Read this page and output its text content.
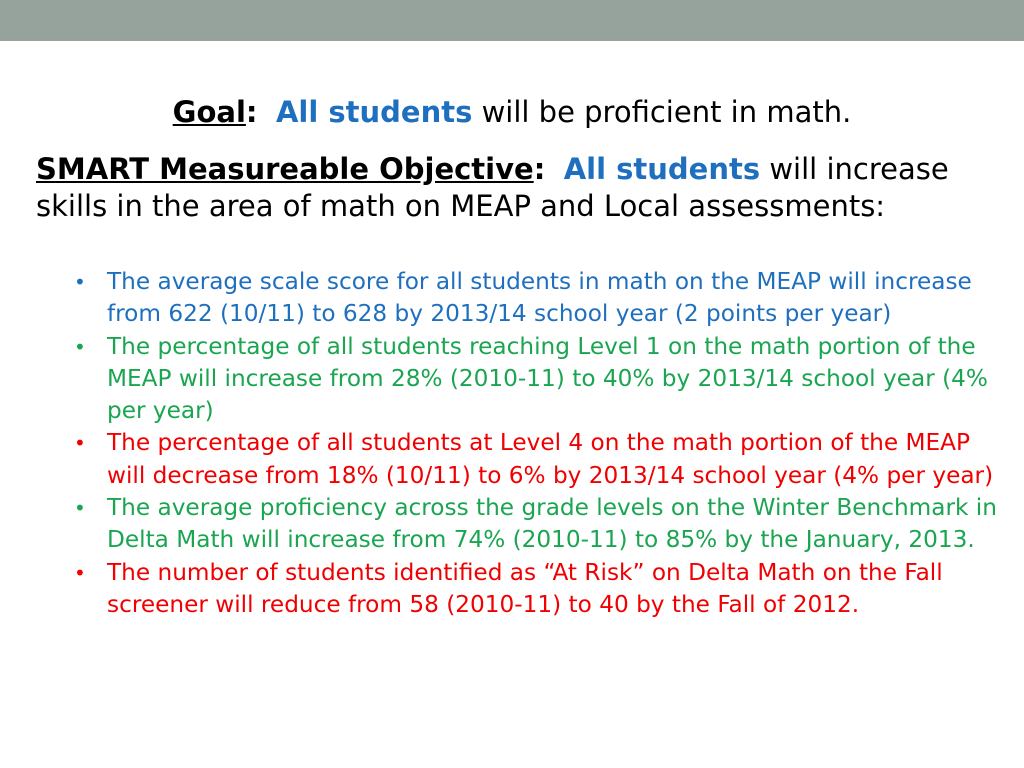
Goal: All students will be proficient in math.
SMART Measureable Objective: All students will increase skills in the area of math on MEAP and Local assessments:
• The average scale score for all students in math on the MEAP will increase from 622 (10/11) to 628 by 2013/14 school year (2 points per year)
• The percentage of all students reaching Level 1 on the math portion of the MEAP will increase from 28% (2010-11) to 40% by 2013/14 school year (4% per year)
• The percentage of all students at Level 4 on the math portion of the MEAP will decrease from 18% (10/11) to 6% by 2013/14 school year (4% per year)
• The average proficiency across the grade levels on the Winter Benchmark in Delta Math will increase from 74% (2010-11) to 85% by the January, 2013.
• The number of students identified as “At Risk” on Delta Math on the Fall screener will reduce from 58 (2010-11) to 40 by the Fall of 2012.
